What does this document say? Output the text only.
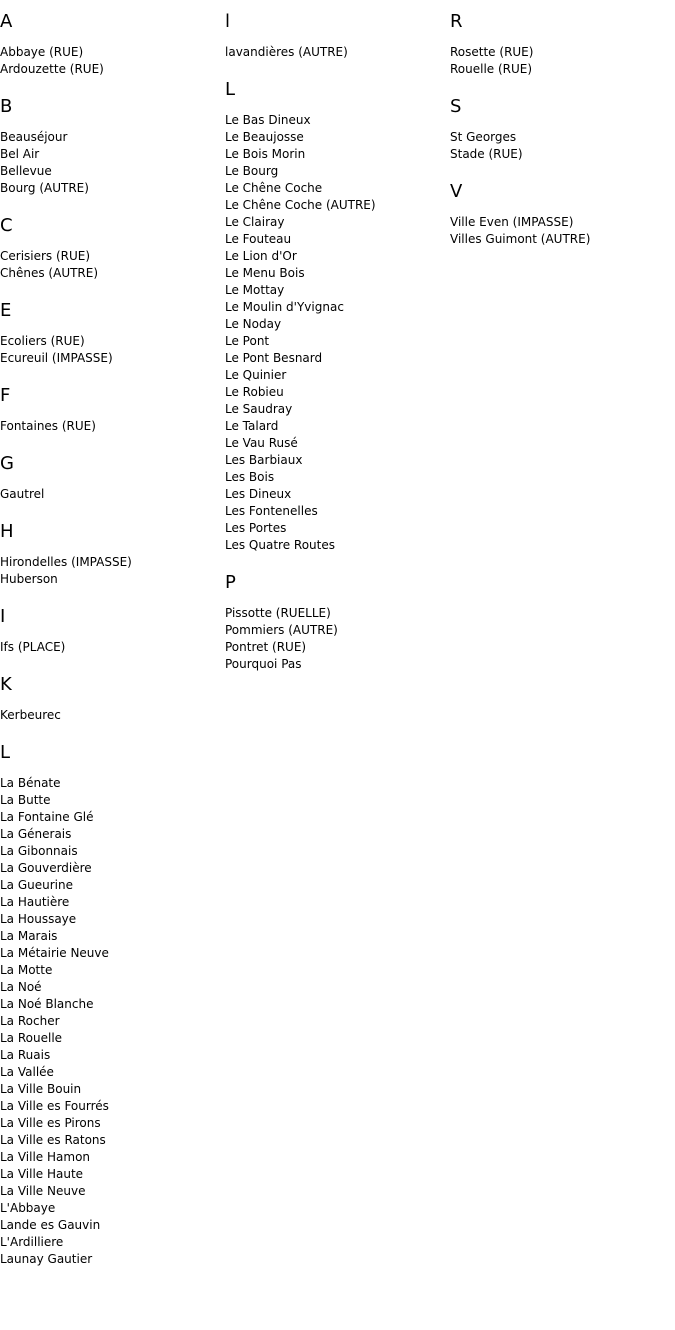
A
Abbaye (RUE)
Ardouzette (RUE)
B
Beauséjour
Bel Air
Bellevue
Bourg (AUTRE)
C
Cerisiers (RUE)
Chênes (AUTRE)
E
Ecoliers (RUE)
Ecureuil (IMPASSE)
F
Fontaines (RUE)
G
Gautrel
H
Hirondelles (IMPASSE)
Huberson
I
Ifs (PLACE)
K
Kerbeurec
L
La Bénate
La Butte
La Fontaine Glé
La Génerais
La Gibonnais
La Gouverdière
La Gueurine
La Hautière
La Houssaye
La Marais
La Métairie Neuve
La Motte
La Noé
La Noé Blanche
La Rocher
La Rouelle
La Ruais
La Vallée
La Ville Bouin
La Ville es Fourrés
La Ville es Pirons
La Ville es Ratons
La Ville Hamon
La Ville Haute
La Ville Neuve
L'Abbaye
Lande es Gauvin
L'Ardilliere
Launay Gautier
l
lavandières (AUTRE)
L
Le Bas Dineux
Le Beaujosse
Le Bois Morin
Le Bourg
Le Chêne Coche
Le Chêne Coche (AUTRE)
Le Clairay
Le Fouteau
Le Lion d'Or
Le Menu Bois
Le Mottay
Le Moulin d'Yvignac
Le Noday
Le Pont
Le Pont Besnard
Le Quinier
Le Robieu
Le Saudray
Le Talard
Le Vau Rusé
Les Barbiaux
Les Bois
Les Dineux
Les Fontenelles
Les Portes
Les Quatre Routes
P
Pissotte (RUELLE)
Pommiers (AUTRE)
Pontret (RUE)
Pourquoi Pas
R
Rosette (RUE)
Rouelle (RUE)
S
St Georges
Stade (RUE)
V
Ville Even (IMPASSE)
Villes Guimont (AUTRE)
